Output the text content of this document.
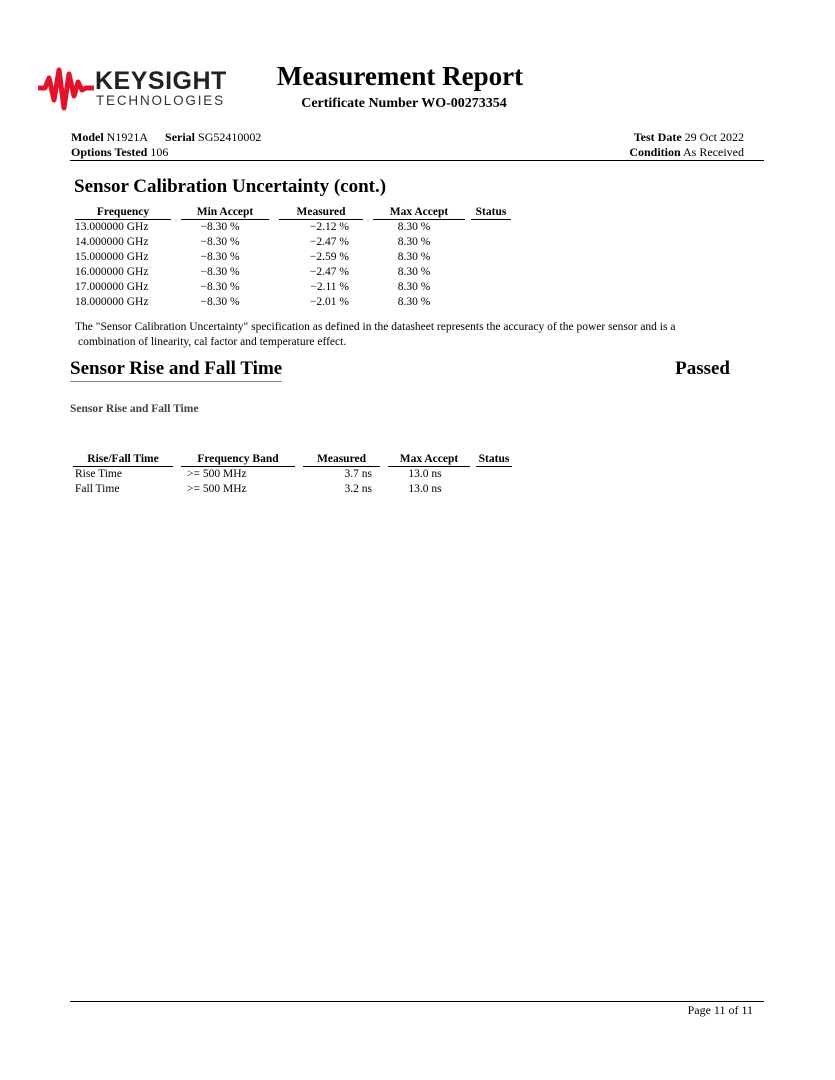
KEYSIGHT
TECHNOLOGIES
Measurement Report
Certificate Number WO-00273354
Model N1921A Serial SG52410002
Options Tested 106
Test Date 29 Oct 2022
Condition As Received
Sensor Calibration Uncertainty (cont.)
Frequency	Min Accept	Measured	Max Accept	Status

13.000000 GHz	−8.30 %	−2.12 %	8.30 %	
14.000000 GHz	−8.30 %	−2.47 %	8.30 %	
15.000000 GHz	−8.30 %	−2.59 %	8.30 %	
16.000000 GHz	−8.30 %	−2.47 %	8.30 %	
17.000000 GHz	−8.30 %	−2.11 %	8.30 %	
18.000000 GHz	−8.30 %	−2.01 %	8.30 %	
The "Sensor Calibration Uncertainty" specification as defined in the datasheet represents the accuracy of the power sensor and is a
combination of linearity, cal factor and temperature effect.
Sensor Rise and Fall Time	Passed
Sensor Rise and Fall Time
Rise/Fall Time	Frequency Band	Measured	Max Accept	Status

Rise Time	>= 500 MHz	3.7 ns	13.0 ns	
Fall Time	>= 500 MHz	3.2 ns	13.0 ns	
Page 11 of 11
